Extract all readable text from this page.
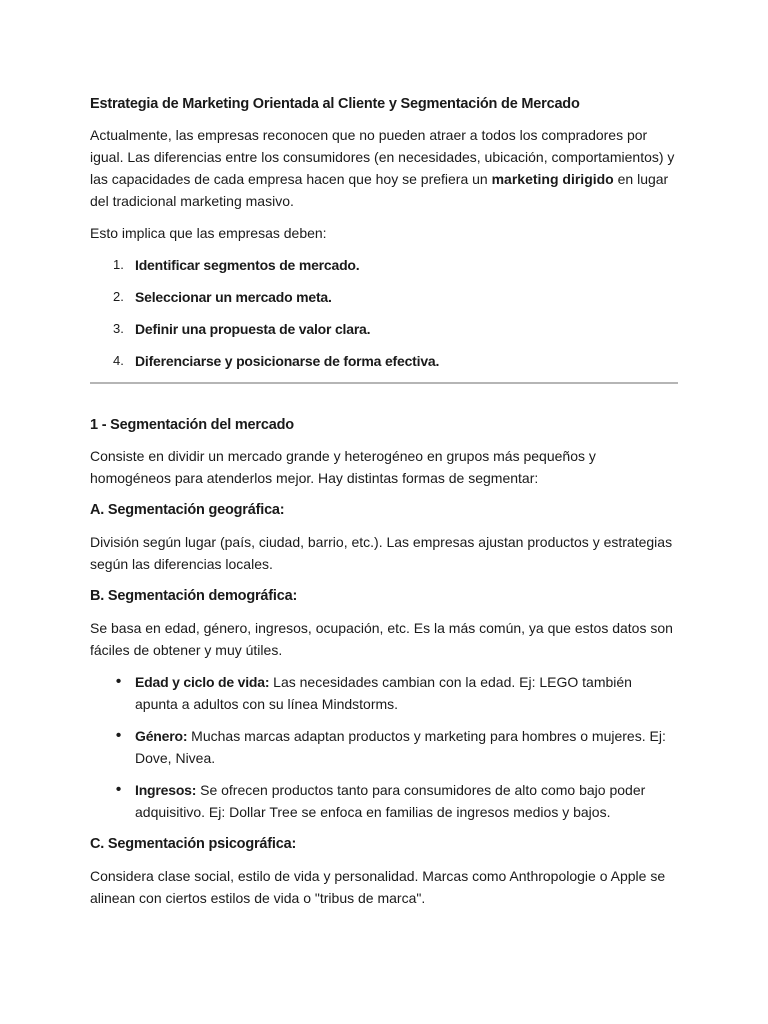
Estrategia de Marketing Orientada al Cliente y Segmentación de Mercado

Actualmente, las empresas reconocen que no pueden atraer a todos los compradores por igual. Las diferencias entre los consumidores (en necesidades, ubicación, comportamientos) y las capacidades de cada empresa hacen que hoy se prefiera un marketing dirigido en lugar del tradicional marketing masivo.

Esto implica que las empresas deben:

1. Identificar segmentos de mercado.
2. Seleccionar un mercado meta.
3. Definir una propuesta de valor clara.
4. Diferenciarse y posicionarse de forma efectiva.
1 - Segmentación del mercado

Consiste en dividir un mercado grande y heterogéneo en grupos más pequeños y homogéneos para atenderlos mejor. Hay distintas formas de segmentar:

A. Segmentación geográfica:

División según lugar (país, ciudad, barrio, etc.). Las empresas ajustan productos y estrategias según las diferencias locales.

B. Segmentación demográfica:

Se basa en edad, género, ingresos, ocupación, etc. Es la más común, ya que estos datos son fáciles de obtener y muy útiles.

• Edad y ciclo de vida: Las necesidades cambian con la edad. Ej: LEGO también apunta a adultos con su línea Mindstorms.
• Género: Muchas marcas adaptan productos y marketing para hombres o mujeres. Ej: Dove, Nivea.
• Ingresos: Se ofrecen productos tanto para consumidores de alto como bajo poder adquisitivo. Ej: Dollar Tree se enfoca en familias de ingresos medios y bajos.
C. Segmentación psicográfica:

Considera clase social, estilo de vida y personalidad. Marcas como Anthropologie o Apple se alinean con ciertos estilos de vida o "tribus de marca".
